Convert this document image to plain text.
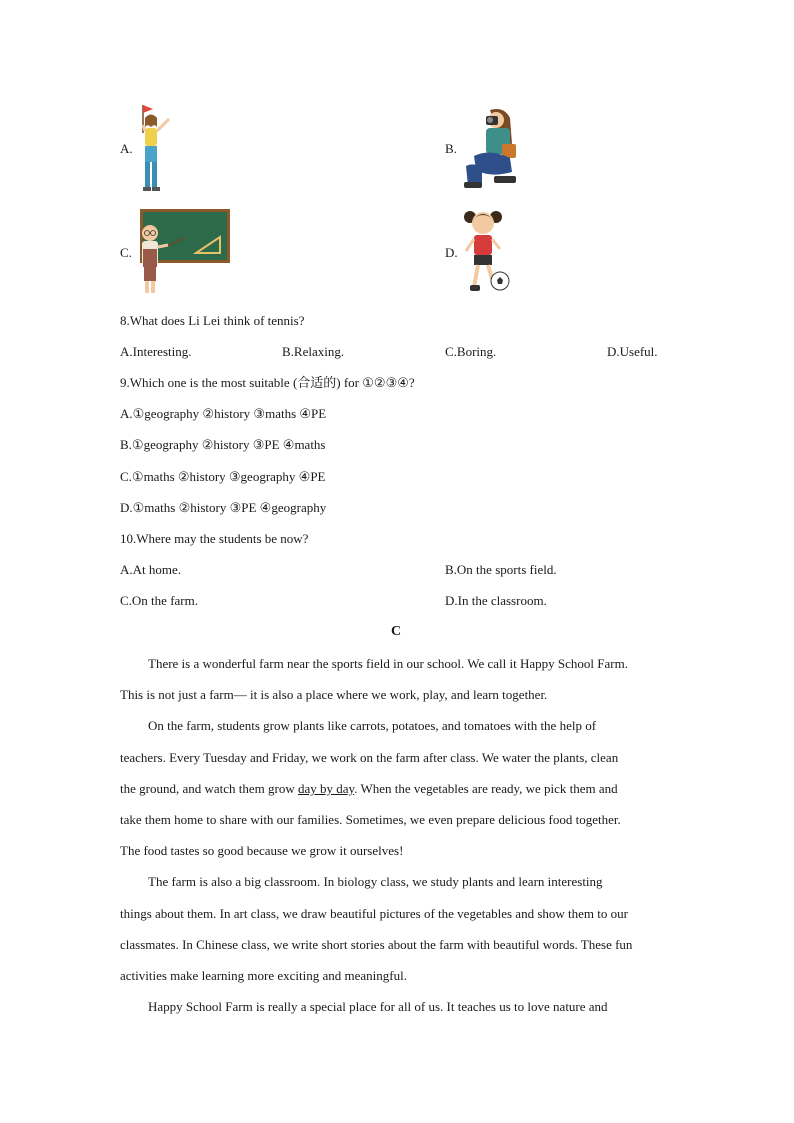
A.	B.
C.	D.
8.What does Li Lei think of tennis?
A.Interesting.	B.Relaxing.	C.Boring.	D.Useful.
9.Which one is the most suitable (合适的) for ①②③④?
A.①geography ②history ③maths ④PE
B.①geography ②history ③PE ④maths
C.①maths ②history ③geography ④PE
D.①maths ②history ③PE ④geography
10.Where may the students be now?
A.At home.	B.On the sports field.
C.On the farm.	D.In the classroom.
C
There is a wonderful farm near the sports field in our school. We call it Happy School Farm.
This is not just a farm— it is also a place where we work, play, and learn together.
On the farm, students grow plants like carrots, potatoes, and tomatoes with the help of
teachers. Every Tuesday and Friday, we work on the farm after class. We water the plants, clean
the ground, and watch them grow day by day. When the vegetables are ready, we pick them and
take them home to share with our families. Sometimes, we even prepare delicious food together.
The food tastes so good because we grow it ourselves!
The farm is also a big classroom. In biology class, we study plants and learn interesting
things about them. In art class, we draw beautiful pictures of the vegetables and show them to our
classmates. In Chinese class, we write short stories about the farm with beautiful words. These fun
activities make learning more exciting and meaningful.
Happy School Farm is really a special place for all of us. It teaches us to love nature and
